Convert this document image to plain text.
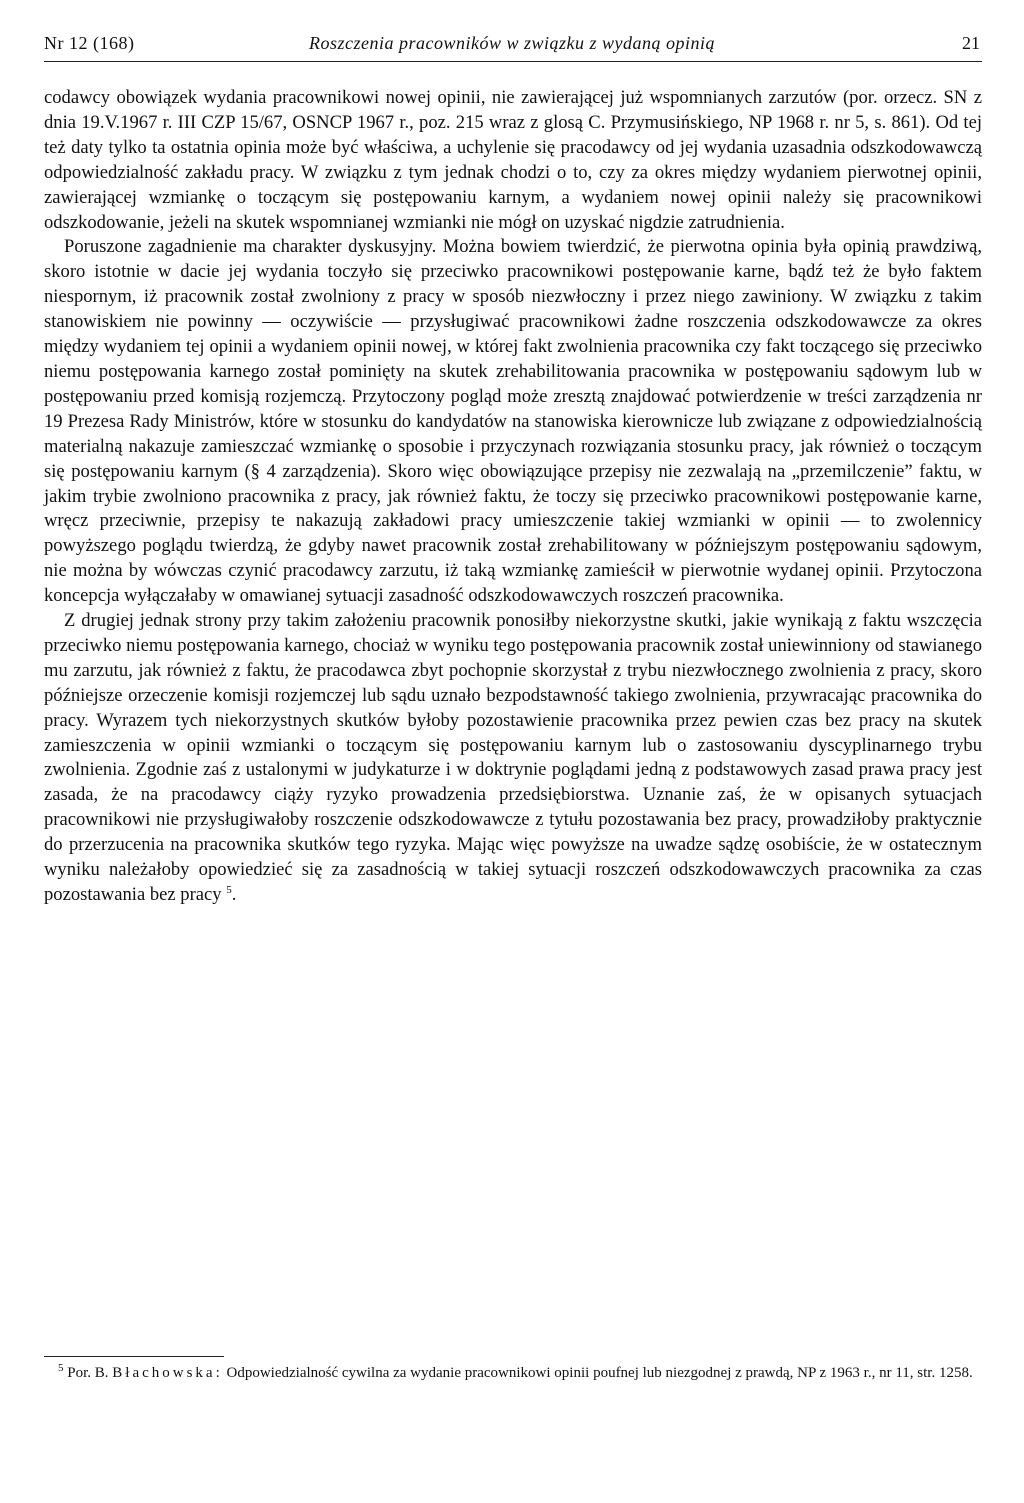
Nr 12 (168)	Roszczenia pracowników w związku z wydaną opinią	21

codawcy obowiązek wydania pracownikowi nowej opinii, nie zawierającej już wspomnianych zarzutów (por. orzecz. SN z dnia 19.V.1967 r. III CZP 15/67, OSNCP 1967 r., poz. 215 wraz z glosą C. Przymusińskiego, NP 1968 r. nr 5, s. 861). Od tej też daty tylko ta ostatnia opinia może być właściwa, a uchylenie się pracodawcy od jej wydania uzasadnia odszkodowawczą odpowiedzialność zakładu pracy. W związku z tym jednak chodzi o to, czy za okres między wydaniem pierwotnej opinii, zawierającej wzmiankę o toczącym się postępowaniu karnym, a wydaniem nowej opinii należy się pracownikowi odszkodowanie, jeżeli na skutek wspomnianej wzmianki nie mógł on uzyskać nigdzie zatrudnienia.

Poruszone zagadnienie ma charakter dyskusyjny. Można bowiem twierdzić, że pierwotna opinia była opinią prawdziwą, skoro istotnie w dacie jej wydania toczyło się przeciwko pracownikowi postępowanie karne, bądź też że było faktem niespornym, iż pracownik został zwolniony z pracy w sposób niezwłoczny i przez niego zawiniony. W związku z takim stanowiskiem nie powinny — oczywiście — przysługiwać pracownikowi żadne roszczenia odszkodowawcze za okres między wydaniem tej opinii a wydaniem opinii nowej, w której fakt zwolnienia pracownika czy fakt toczącego się przeciwko niemu postępowania karnego został pominięty na skutek zrehabilitowania pracownika w postępowaniu sądowym lub w postępowaniu przed komisją rozjemczą. Przytoczony pogląd może zresztą znajdować potwierdzenie w treści zarządzenia nr 19 Prezesa Rady Ministrów, które w stosunku do kandydatów na stanowiska kierownicze lub związane z odpowiedzialnością materialną nakazuje zamieszczać wzmiankę o sposobie i przyczynach rozwiązania stosunku pracy, jak również o toczącym się postępowaniu karnym (§ 4 zarządzenia). Skoro więc obowiązujące przepisy nie zezwalają na „przemilczenie” faktu, w jakim trybie zwolniono pracownika z pracy, jak również faktu, że toczy się przeciwko pracownikowi postępowanie karne, wręcz przeciwnie, przepisy te nakazują zakładowi pracy umieszczenie takiej wzmianki w opinii — to zwolennicy powyższego poglądu twierdzą, że gdyby nawet pracownik został zrehabilitowany w późniejszym postępowaniu sądowym, nie można by wówczas czynić pracodawcy zarzutu, iż taką wzmiankę zamieścił w pierwotnie wydanej opinii. Przytoczona koncepcja wyłączałaby w omawianej sytuacji zasadność odszkodowawczych roszczeń pracownika.

Z drugiej jednak strony przy takim założeniu pracownik ponosiłby niekorzystne skutki, jakie wynikają z faktu wszczęcia przeciwko niemu postępowania karnego, chociaż w wyniku tego postępowania pracownik został uniewinniony od stawianego mu zarzutu, jak również z faktu, że pracodawca zbyt pochopnie skorzystał z trybu niezwłocznego zwolnienia z pracy, skoro późniejsze orzeczenie komisji rozjemczej lub sądu uznało bezpodstawność takiego zwolnienia, przywracając pracownika do pracy. Wyrazem tych niekorzystnych skutków byłoby pozostawienie pracownika przez pewien czas bez pracy na skutek zamieszczenia w opinii wzmianki o toczącym się postępowaniu karnym lub o zastosowaniu dyscyplinarnego trybu zwolnienia. Zgodnie zaś z ustalonymi w judykaturze i w doktrynie poglądami jedną z podstawowych zasad prawa pracy jest zasada, że na pracodawcy ciąży ryzyko prowadzenia przedsiębiorstwa. Uznanie zaś, że w opisanych sytuacjach pracownikowi nie przysługiwałoby roszczenie odszkodowawcze z tytułu pozostawania bez pracy, prowadziłoby praktycznie do przerzucenia na pracownika skutków tego ryzyka. Mając więc powyższe na uwadze sądzę osobiście, że w ostatecznym wyniku należałoby opowiedzieć się za zasadnością w takiej sytuacji roszczeń odszkodowawczych pracownika za czas pozostawania bez pracy $^5$.

$^5$ Por. B. Błachowska: Odpowiedzialność cywilna za wydanie pracownikowi opinii poufnej lub niezgodnej z prawdą, NP z 1963 r., nr 11, str. 1258.
